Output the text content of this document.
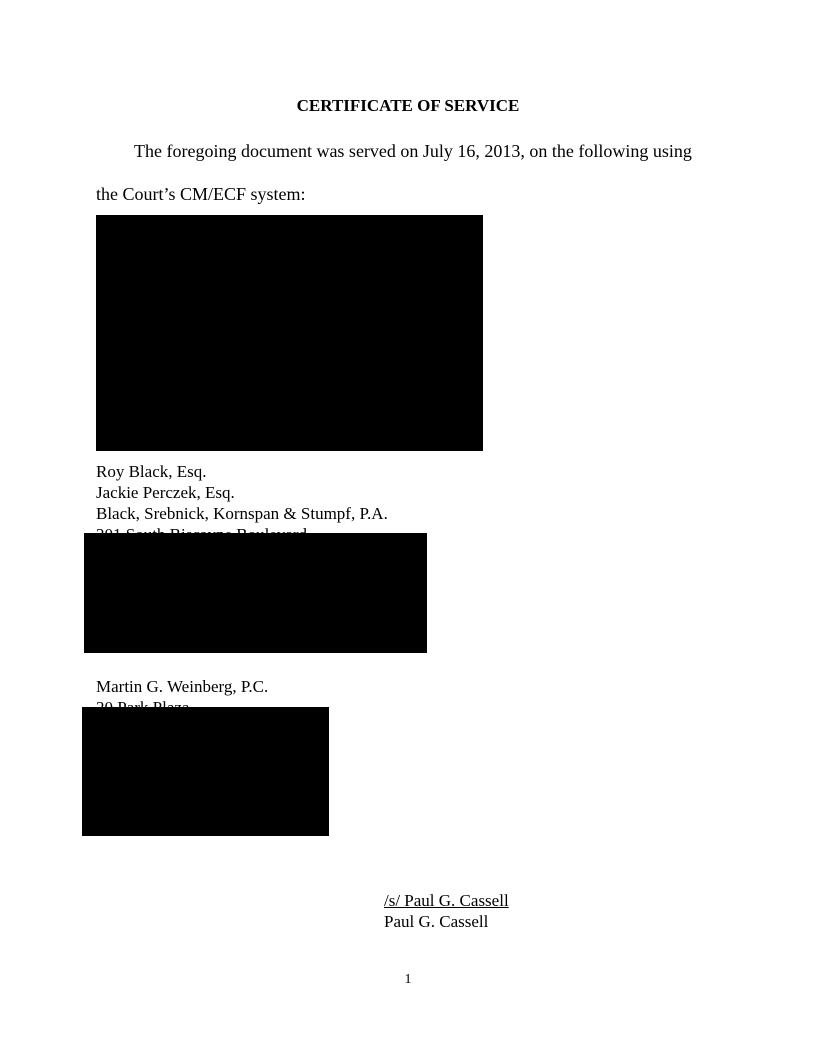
CERTIFICATE OF SERVICE
The foregoing document was served on July 16, 2013, on the following using
the Court’s CM/ECF system:
Roy Black, Esq.
Jackie Perczek, Esq.
Black, Srebnick, Kornspan & Stumpf, P.A.
Martin G. Weinberg, P.C.
/s/ Paul G. Cassell
Paul G. Cassell
1
